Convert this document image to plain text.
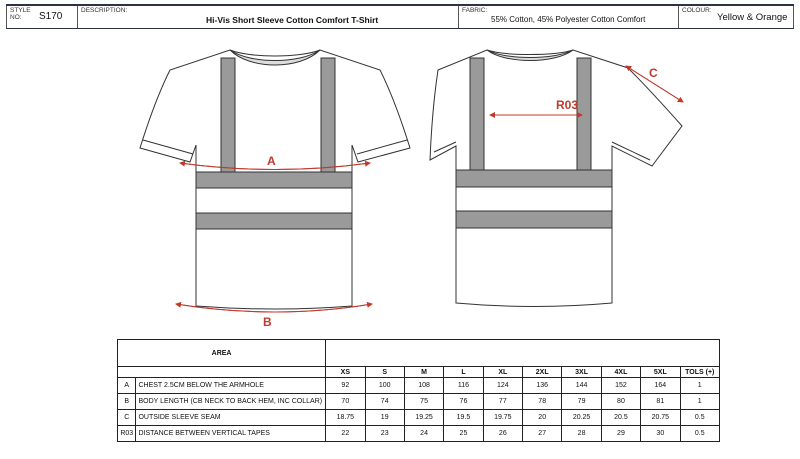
STYLE NO:	S170
DESCRIPTION:
Hi-Vis Short Sleeve Cotton Comfort T-Shirt
FABRIC:
55% Cotton, 45% Polyester Cotton Comfort
COLOUR:
Yellow & Orange
A
B
R03
C
AREA											
		XS	S	M	L	XL	2XL	3XL	4XL	5XL	TOLS (+)
A	CHEST 2.5CM BELOW THE ARMHOLE	92	100	108	116	124	136	144	152	164	1
B	BODY LENGTH (CB NECK TO BACK HEM, INC COLLAR)	70	74	75	76	77	78	79	80	81	1
C	OUTSIDE SLEEVE SEAM	18.75	19	19.25	19.5	19.75	20	20.25	20.5	20.75	0.5
R03	DISTANCE BETWEEN VERTICAL TAPES	22	23	24	25	26	27	28	29	30	0.5
